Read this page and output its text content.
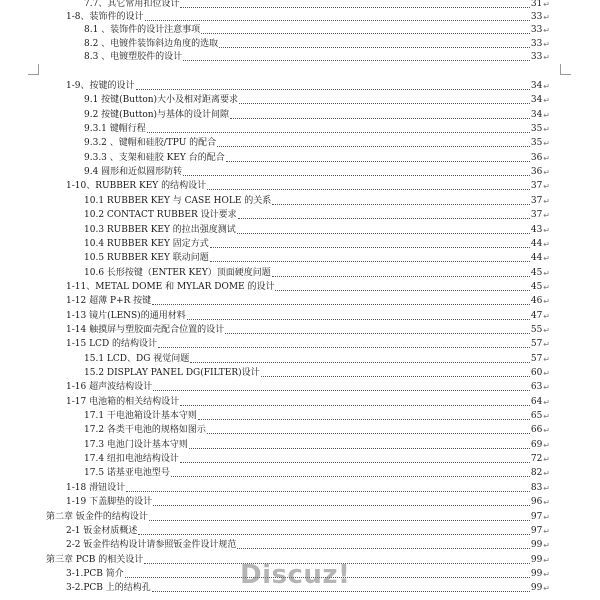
7.7、其它常用扣位设计	31 ↵
1-8、装饰件的设计	33 ↵
8.1 、装饰件的设计注意事项	33 ↵
8.2 、电镀件装饰斜边角度的选取	33 ↵
8.3 、电镀塑胶件的设计	33 ↵
1-9、按键的设计	34 ↵
9.1 按键(Button)大小及相对距离要求	34 ↵
9.2 按键(Button)与基体的设计间隙	34 ↵
9.3.1 键帽行程	35 ↵
9.3.2 、键帽和硅胶/TPU 的配合	35 ↵
9.3.3 、支架和硅胶 KEY 台的配合	36 ↵
9.4 圆形和近似圆形防转	36 ↵
1-10、RUBBER KEY 的结构设计	37 ↵
10.1 RUBBER KEY 与 CASE HOLE 的关系	37 ↵
10.2 CONTACT RUBBER 设计要求	37 ↵
10.3 RUBBER KEY 的拉出强度测试	43 ↵
10.4 RUBBER KEY 固定方式	44 ↵
10.5 RUBBER KEY 联动问题	44 ↵
10.6 长形按键（ENTER KEY）顶面硬度问题	45 ↵
1-11、METAL DOME 和 MYLAR DOME 的设计	45 ↵
1-12 超薄 P+R 按键	46 ↵
1-13 镜片(LENS)的通用材料	47 ↵
1-14 触摸屏与塑胶面壳配合位置的设计	55 ↵
1-15 LCD 的结构设计	57 ↵
15.1 LCD、DG 视觉问题	57 ↵
15.2 DISPLAY PANEL DG(FILTER)设计	60 ↵
1-16 超声波结构设计	63 ↵
1-17 电池箱的相关结构设计	64 ↵
17.1 干电池箱设计基本守则	65 ↵
17.2 各类干电池的规格如图示	66 ↵
17.3 电池门设计基本守则	69 ↵
17.4 纽扣电池结构设计	72 ↵
17.5 诺基亚电池型号	82 ↵
1-18 滑钮设计	83 ↵
1-19 下盖脚垫的设计	96 ↵
第二章 钣金件的结构设计	97 ↵
2-1 钣金材质概述	97 ↵
2-2 钣金件结构设计请参照钣金件设计规范	99 ↵
第三章 PCB 的相关设计	99 ↵
3-1.PCB 简介	99 ↵
3-2.PCB 上的结构孔	99 ↵
Discuz!
